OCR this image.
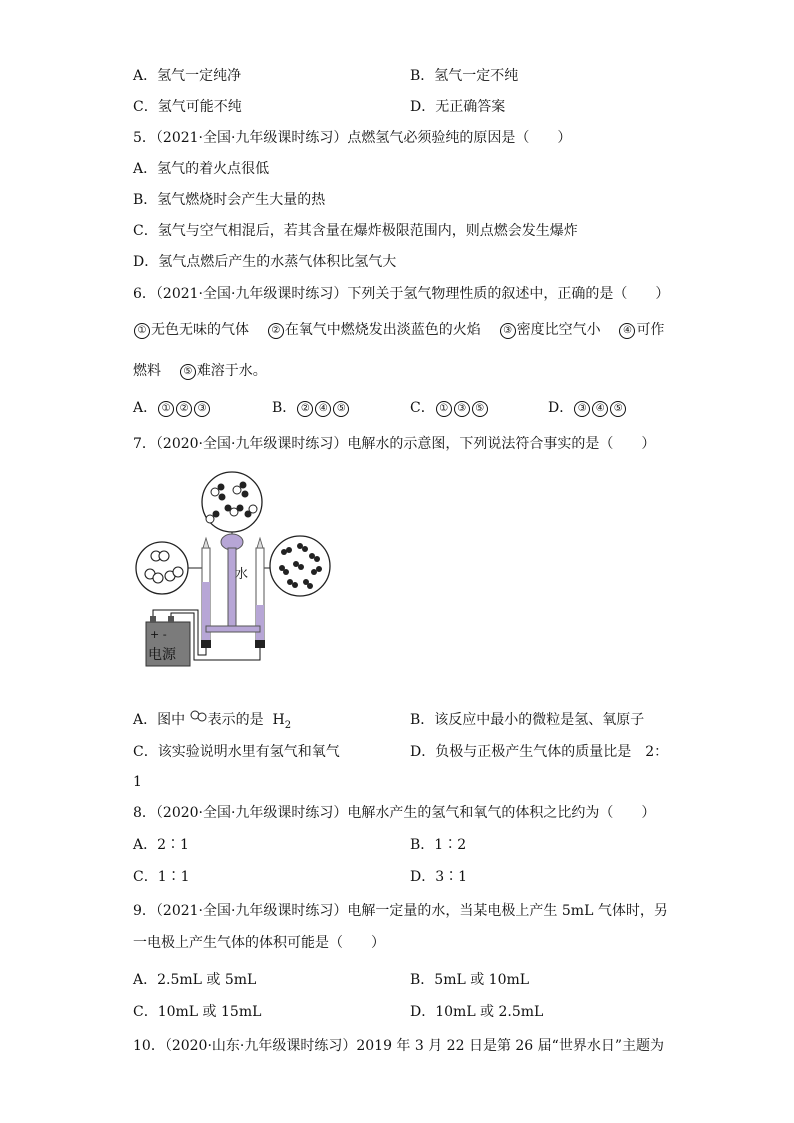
A．氢气一定纯净	B．氢气一定不纯
C．氢气可能不纯	D．无正确答案
5．（2021·全国·九年级课时练习）点燃氢气必须验纯的原因是（　　）
A．氢气的着火点很低
B．氢气燃烧时会产生大量的热
C．氢气与空气相混后，若其含量在爆炸极限范围内，则点燃会发生爆炸
D．氢气点燃后产生的水蒸气体积比氢气大
6．（2021·全国·九年级课时练习）下列关于氢气物理性质的叙述中，正确的是（　　）
① 无色无味的气体 ② 在氧气中燃烧发出淡蓝色的火焰 ③ 密度比空气小 ④ 可作
燃料 ⑤ 难溶于水。
A． ① ② ③	B． ② ④ ⑤	C． ① ③ ⑤	D． ③ ④ ⑤
7．（2020·全国·九年级课时练习）电解水的示意图，下列说法符合事实的是（　　）
水
+ -
电源
A．图中 表示的是 $H_2$	B．该反应中最小的微粒是氢、氧原子
C．该实验说明水里有氢气和氧气	D．负极与正极产生气体的质量比是　2：
1
8．（2020·全国·九年级课时练习）电解水产生的氢气和氧气的体积之比约为（　　）
A．2∶1	B．1∶2
C．1∶1	D．3∶1
9．（2021·全国·九年级课时练习）电解一定量的水，当某电极上产生 5mL 气体时，另
一电极上产生气体的体积可能是（　　）
A．2.5mL 或 5mL	B．5mL 或 10mL
C．10mL 或 15mL	D．10mL 或 2.5mL
10．（2020·山东·九年级课时练习）2019 年 3 月 22 日是第 26 届“世界水日”主题为
